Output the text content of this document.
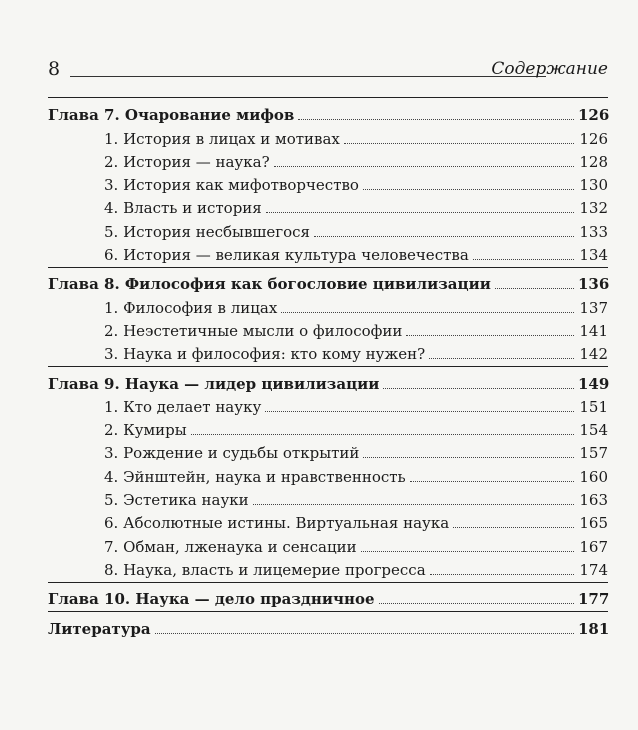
8	Содержание
Глава 7. Очарование мифов	126
1. История в лицах и мотивах	126
2. История — наука?	128
3. История как мифотворчество	130
4. Власть и история	132
5. История несбывшегося	133
6. История — великая культура человечества	134
Глава 8. Философия как богословие цивилизации	136
1. Философия в лицах	137
2. Неэстетичные мысли о философии	141
3. Наука и философия: кто кому нужен?	142
Глава 9. Наука — лидер цивилизации	149
1. Кто делает науку	151
2. Кумиры	154
3. Рождение и судьбы открытий	157
4. Эйнштейн, наука и нравственность	160
5. Эстетика науки	163
6. Абсолютные истины. Виртуальная наука	165
7. Обман, лженаука и сенсации	167
8. Наука, власть и лицемерие прогресса	174
Глава 10. Наука — дело праздничное	177
Литература	181
